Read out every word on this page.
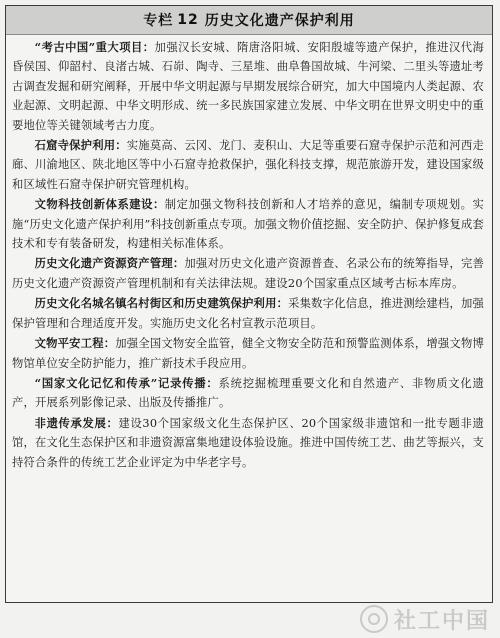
专栏 12 历史文化遗产保护利用

“考古中国”重大项目：加强汉长安城、隋唐洛阳城、安阳殷墟等遗产保护，推进汉代海昏侯国、仰韶村、良渚古城、石峁、陶寺、三星堆、曲阜鲁国故城、牛河梁、二里头等遗址考古调查发掘和研究阐释，开展中华文明起源与早期发展综合研究，加大中国境内人类起源、农业起源、文明起源、中华文明形成、统一多民族国家建立发展、中华文明在世界文明史中的重要地位等关键领域考古力度。

石窟寺保护利用：实施莫高、云冈、龙门、麦积山、大足等重要石窟寺保护示范和河西走廊、川渝地区、陕北地区等中小石窟寺抢救保护，强化科技支撑，规范旅游开发，建设国家级和区域性石窟寺保护研究管理机构。

文物科技创新体系建设：制定加强文物科技创新和人才培养的意见，编制专项规划。实施“历史文化遗产保护利用”科技创新重点专项。加强文物价值挖掘、安全防护、保护修复成套技术和专有装备研发，构建相关标准体系。

历史文化遗产资源资产管理：加强对历史文化遗产资源普查、名录公布的统筹指导，完善历史文化遗产资源资产管理机制和有关法律法规。建设20个国家重点区域考古标本库房。

历史文化名城名镇名村街区和历史建筑保护利用：采集数字化信息，推进测绘建档，加强保护管理和合理适度开发。实施历史文化名村宣教示范项目。

文物平安工程：加强全国文物安全监管，健全文物安全防范和预警监测体系，增强文物博物馆单位安全防护能力，推广新技术手段应用。

“国家文化记忆和传承”记录传播：系统挖掘梳理重要文化和自然遗产、非物质文化遗产，开展系列影像记录、出版及传播推广。

非遗传承发展：建设30个国家级文化生态保护区、20个国家级非遗馆和一批专题非遗馆，在文化生态保护区和非遗资源富集地建设体验设施。推进中国传统工艺、曲艺等振兴，支持符合条件的传统工艺企业评定为中华老字号。

社工中国
